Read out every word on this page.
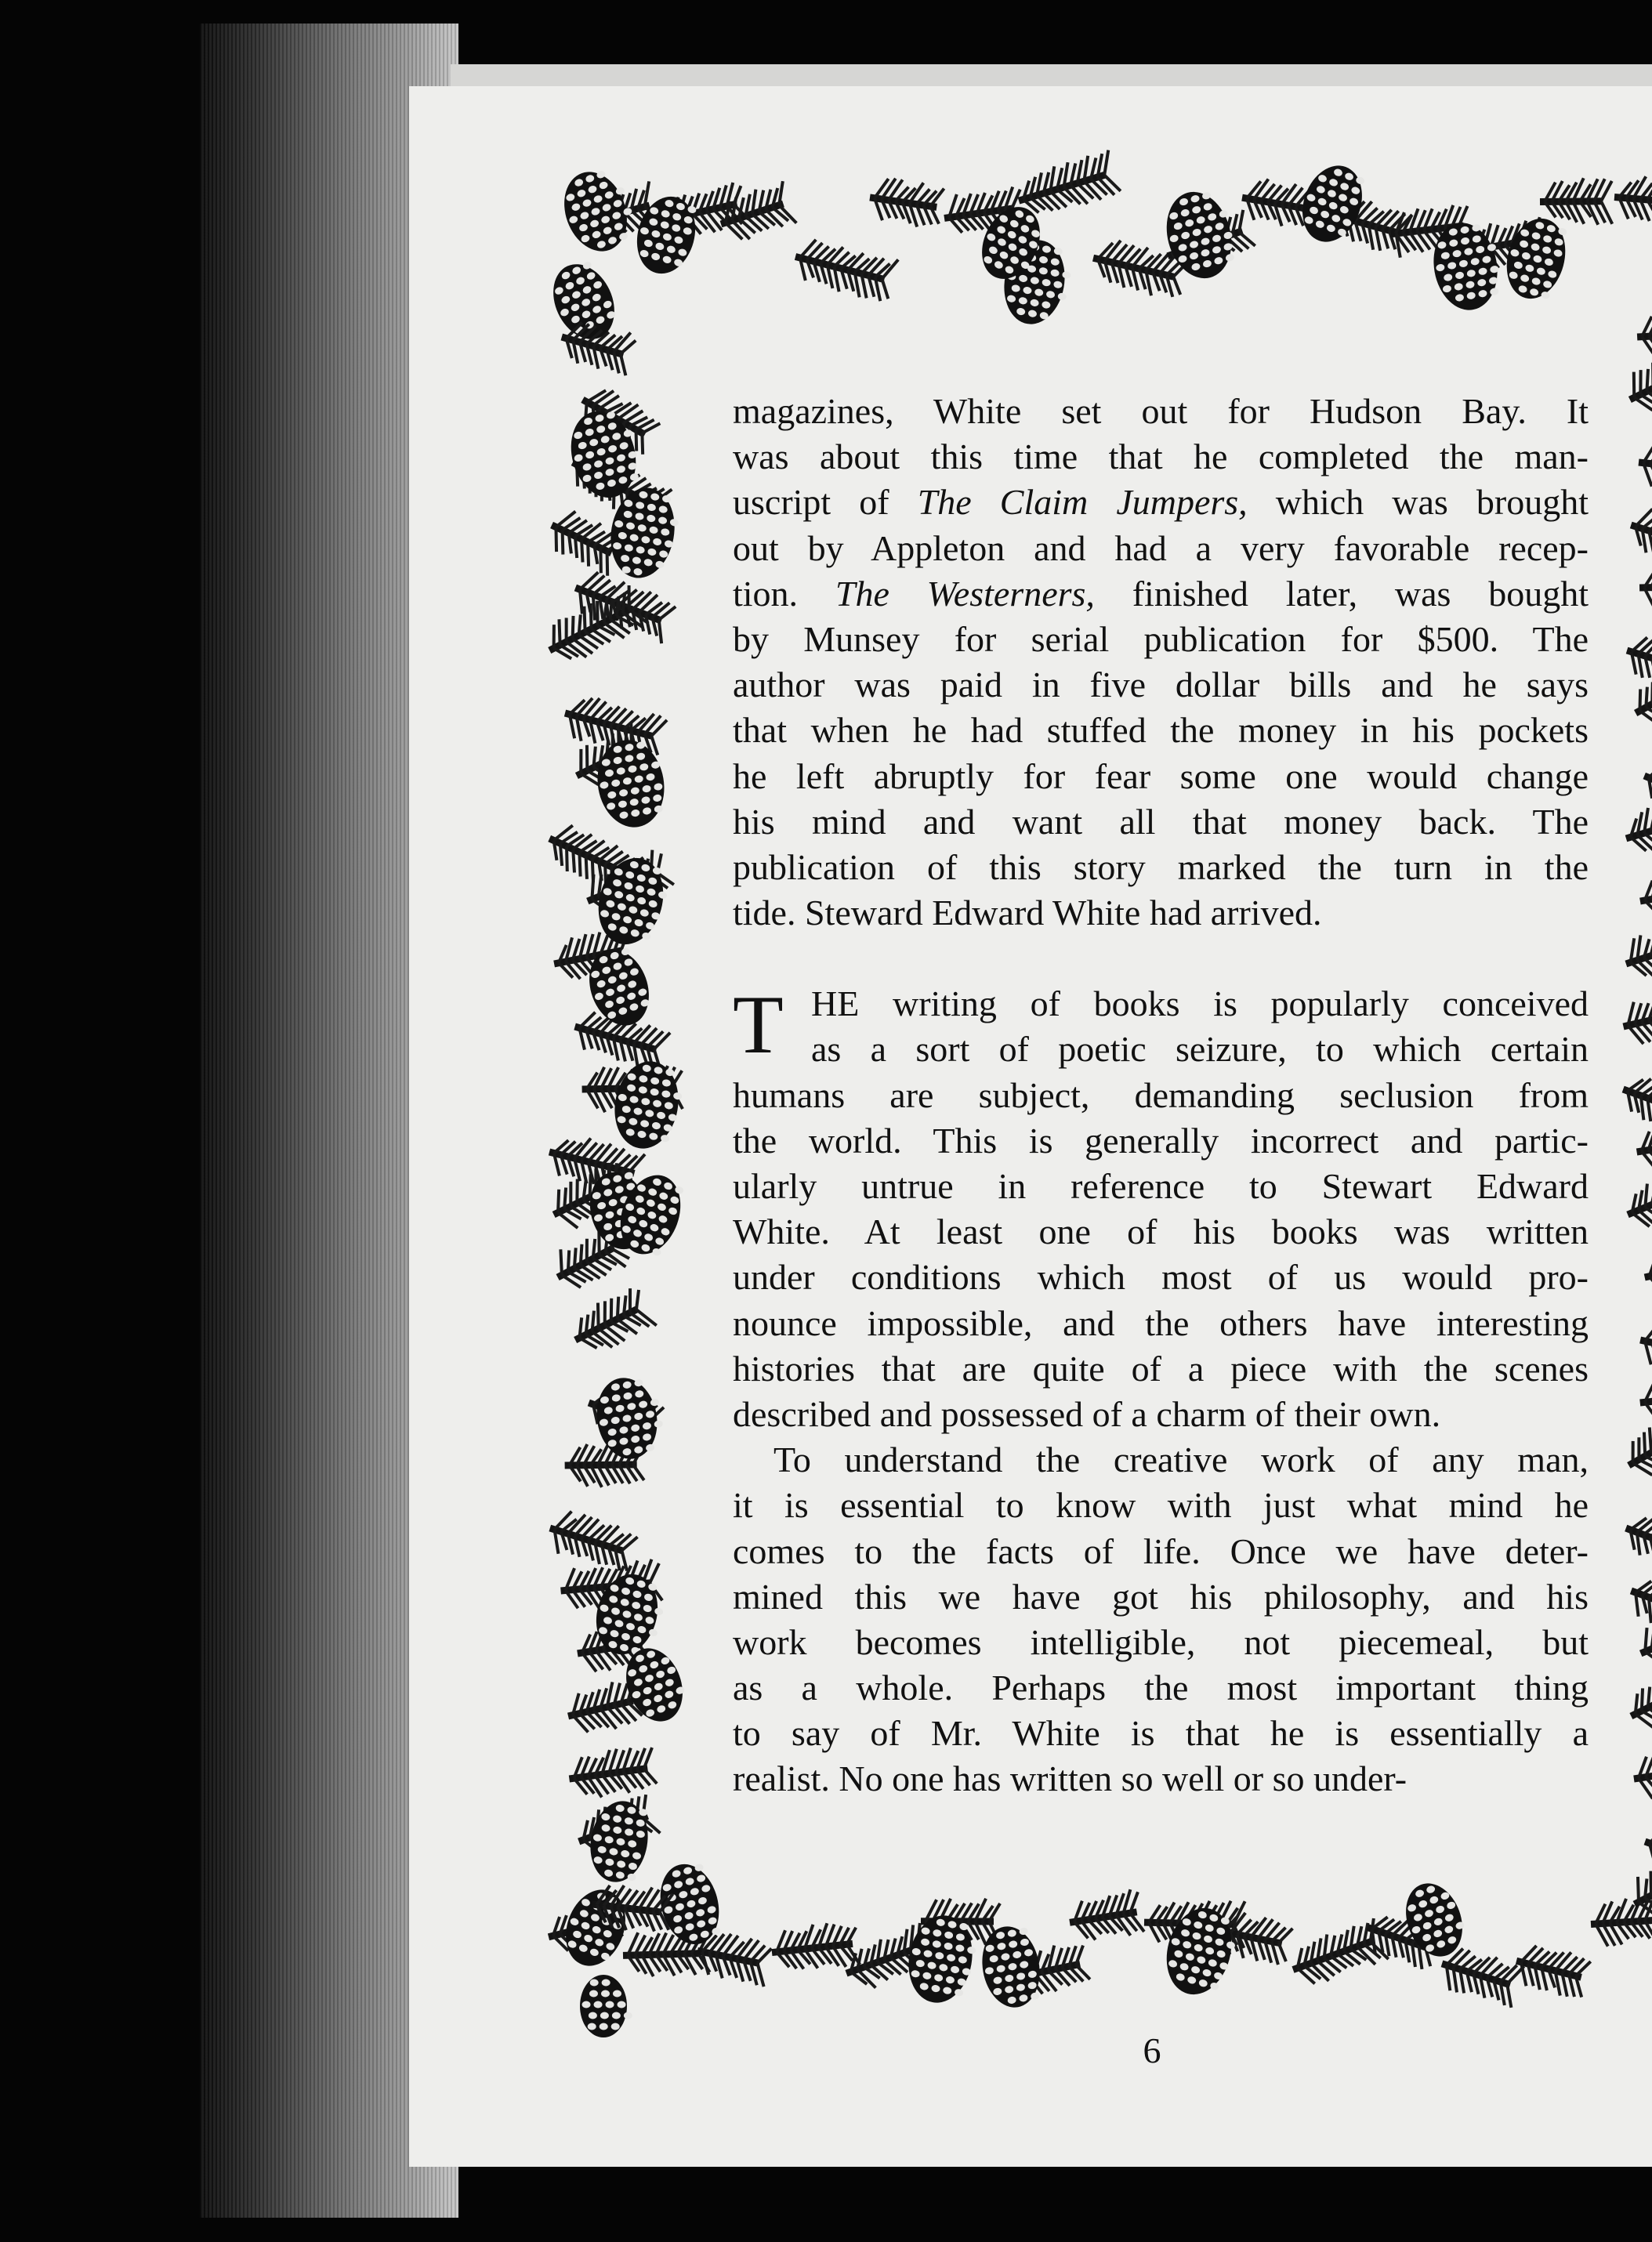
magazines, White set out for Hudson Bay. It
was about this time that he completed the man-
uscript of The Claim Jumpers, which was brought
out by Appleton and had a very favorable recep-
tion. The Westerners, finished later, was bought
by Munsey for serial publication for $500. The
author was paid in five dollar bills and he says
that when he had stuffed the money in his pockets
he left abruptly for fear some one would change
his mind and want all that money back. The
publication of this story marked the turn in the
tide. Steward Edward White had arrived.
T HE writing of books is popularly conceived
as a sort of poetic seizure, to which certain
humans are subject, demanding seclusion from
the world. This is generally incorrect and partic-
ularly untrue in reference to Stewart Edward
White. At least one of his books was written
under conditions which most of us would pro-
nounce impossible, and the others have interesting
histories that are quite of a piece with the scenes
described and possessed of a charm of their own.
To understand the creative work of any man,
it is essential to know with just what mind he
comes to the facts of life. Once we have deter-
mined this we have got his philosophy, and his
work becomes intelligible, not piecemeal, but
as a whole. Perhaps the most important thing
to say of Mr. White is that he is essentially a
realist. No one has written so well or so under-
6
